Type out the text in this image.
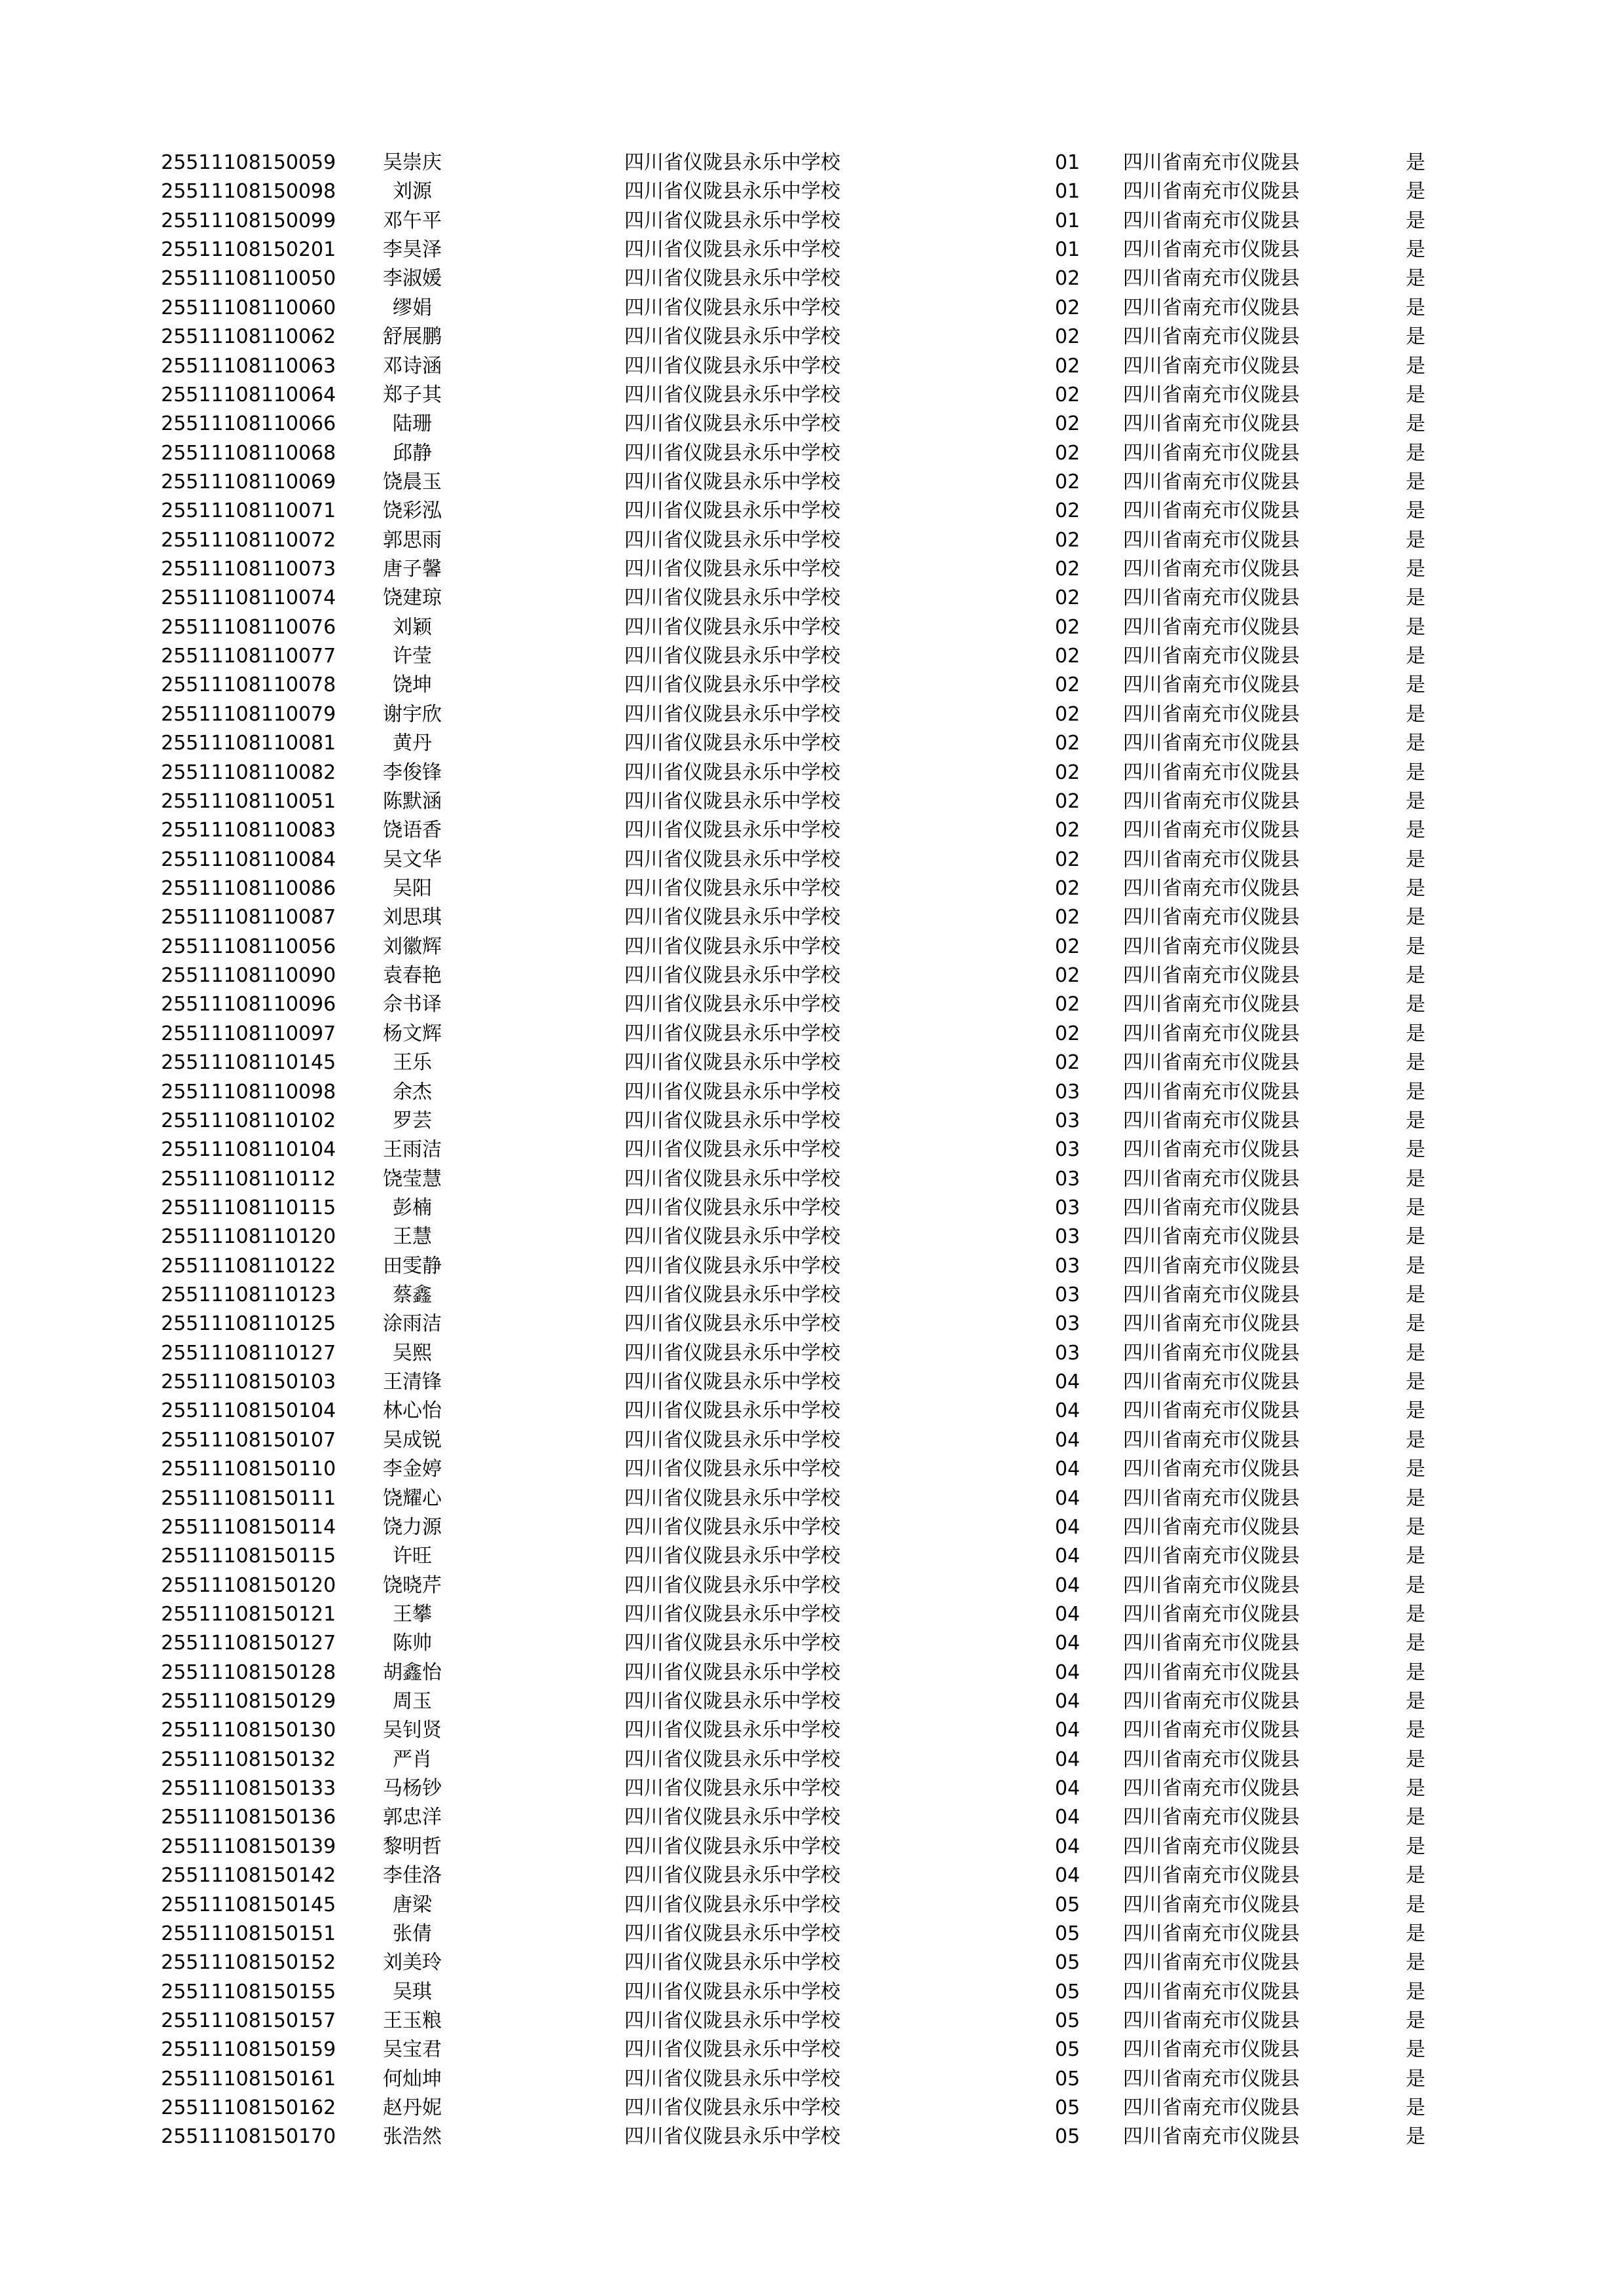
25511108150059 吴崇庆	四川省仪陇县永乐中学校	01 四川省南充市仪陇县	是
25511108150098	刘源	四川省仪陇县永乐中学校	01 四川省南充市仪陇县	是
25511108150099 邓午平	四川省仪陇县永乐中学校	01 四川省南充市仪陇县	是
25511108150201 李昊泽	四川省仪陇县永乐中学校	01 四川省南充市仪陇县	是
25511108110050 李淑媛	四川省仪陇县永乐中学校	02 四川省南充市仪陇县	是
25511108110060	缪娟	四川省仪陇县永乐中学校	02 四川省南充市仪陇县	是
25511108110062 舒展鹏	四川省仪陇县永乐中学校	02 四川省南充市仪陇县	是
25511108110063 邓诗涵	四川省仪陇县永乐中学校	02 四川省南充市仪陇县	是
25511108110064 郑子其	四川省仪陇县永乐中学校	02 四川省南充市仪陇县	是
25511108110066	陆珊	四川省仪陇县永乐中学校	02 四川省南充市仪陇县	是
25511108110068	邱静	四川省仪陇县永乐中学校	02 四川省南充市仪陇县	是
25511108110069 饶晨玉	四川省仪陇县永乐中学校	02 四川省南充市仪陇县	是
25511108110071 饶彩泓	四川省仪陇县永乐中学校	02 四川省南充市仪陇县	是
25511108110072 郭思雨	四川省仪陇县永乐中学校	02 四川省南充市仪陇县	是
25511108110073 唐子馨	四川省仪陇县永乐中学校	02 四川省南充市仪陇县	是
25511108110074 饶建琼	四川省仪陇县永乐中学校	02 四川省南充市仪陇县	是
25511108110076	刘颖	四川省仪陇县永乐中学校	02 四川省南充市仪陇县	是
25511108110077	许莹	四川省仪陇县永乐中学校	02 四川省南充市仪陇县	是
25511108110078	饶坤	四川省仪陇县永乐中学校	02 四川省南充市仪陇县	是
25511108110079 谢宇欣	四川省仪陇县永乐中学校	02 四川省南充市仪陇县	是
25511108110081	黄丹	四川省仪陇县永乐中学校	02 四川省南充市仪陇县	是
25511108110082 李俊锋	四川省仪陇县永乐中学校	02 四川省南充市仪陇县	是
25511108110051 陈默涵	四川省仪陇县永乐中学校	02 四川省南充市仪陇县	是
25511108110083 饶语香	四川省仪陇县永乐中学校	02 四川省南充市仪陇县	是
25511108110084 吴文华	四川省仪陇县永乐中学校	02 四川省南充市仪陇县	是
25511108110086	吴阳	四川省仪陇县永乐中学校	02 四川省南充市仪陇县	是
25511108110087 刘思琪	四川省仪陇县永乐中学校	02 四川省南充市仪陇县	是
25511108110056 刘徽辉	四川省仪陇县永乐中学校	02 四川省南充市仪陇县	是
25511108110090 袁春艳	四川省仪陇县永乐中学校	02 四川省南充市仪陇县	是
25511108110096 佘书译	四川省仪陇县永乐中学校	02 四川省南充市仪陇县	是
25511108110097 杨文辉	四川省仪陇县永乐中学校	02 四川省南充市仪陇县	是
25511108110145	王乐	四川省仪陇县永乐中学校	02 四川省南充市仪陇县	是
25511108110098	余杰	四川省仪陇县永乐中学校	03 四川省南充市仪陇县	是
25511108110102	罗芸	四川省仪陇县永乐中学校	03 四川省南充市仪陇县	是
25511108110104 王雨洁	四川省仪陇县永乐中学校	03 四川省南充市仪陇县	是
25511108110112 饶莹慧	四川省仪陇县永乐中学校	03 四川省南充市仪陇县	是
25511108110115	彭楠	四川省仪陇县永乐中学校	03 四川省南充市仪陇县	是
25511108110120	王慧	四川省仪陇县永乐中学校	03 四川省南充市仪陇县	是
25511108110122 田雯静	四川省仪陇县永乐中学校	03 四川省南充市仪陇县	是
25511108110123	蔡鑫	四川省仪陇县永乐中学校	03 四川省南充市仪陇县	是
25511108110125 涂雨洁	四川省仪陇县永乐中学校	03 四川省南充市仪陇县	是
25511108110127	吴熙	四川省仪陇县永乐中学校	03 四川省南充市仪陇县	是
25511108150103 王清锋	四川省仪陇县永乐中学校	04 四川省南充市仪陇县	是
25511108150104 林心怡	四川省仪陇县永乐中学校	04 四川省南充市仪陇县	是
25511108150107 吴成锐	四川省仪陇县永乐中学校	04 四川省南充市仪陇县	是
25511108150110 李金婷	四川省仪陇县永乐中学校	04 四川省南充市仪陇县	是
25511108150111 饶耀心	四川省仪陇县永乐中学校	04 四川省南充市仪陇县	是
25511108150114 饶力源	四川省仪陇县永乐中学校	04 四川省南充市仪陇县	是
25511108150115	许旺	四川省仪陇县永乐中学校	04 四川省南充市仪陇县	是
25511108150120 饶晓芹	四川省仪陇县永乐中学校	04 四川省南充市仪陇县	是
25511108150121	王攀	四川省仪陇县永乐中学校	04 四川省南充市仪陇县	是
25511108150127	陈帅	四川省仪陇县永乐中学校	04 四川省南充市仪陇县	是
25511108150128 胡鑫怡	四川省仪陇县永乐中学校	04 四川省南充市仪陇县	是
25511108150129	周玉	四川省仪陇县永乐中学校	04 四川省南充市仪陇县	是
25511108150130 吴钊贤	四川省仪陇县永乐中学校	04 四川省南充市仪陇县	是
25511108150132	严肖	四川省仪陇县永乐中学校	04 四川省南充市仪陇县	是
25511108150133 马杨钞	四川省仪陇县永乐中学校	04 四川省南充市仪陇县	是
25511108150136 郭忠洋	四川省仪陇县永乐中学校	04 四川省南充市仪陇县	是
25511108150139 黎明哲	四川省仪陇县永乐中学校	04 四川省南充市仪陇县	是
25511108150142 李佳洛	四川省仪陇县永乐中学校	04 四川省南充市仪陇县	是
25511108150145	唐梁	四川省仪陇县永乐中学校	05 四川省南充市仪陇县	是
25511108150151	张倩	四川省仪陇县永乐中学校	05 四川省南充市仪陇县	是
25511108150152 刘美玲	四川省仪陇县永乐中学校	05 四川省南充市仪陇县	是
25511108150155	吴琪	四川省仪陇县永乐中学校	05 四川省南充市仪陇县	是
25511108150157 王玉粮	四川省仪陇县永乐中学校	05 四川省南充市仪陇县	是
25511108150159 吴宝君	四川省仪陇县永乐中学校	05 四川省南充市仪陇县	是
25511108150161 何灿坤	四川省仪陇县永乐中学校	05 四川省南充市仪陇县	是
25511108150162 赵丹妮	四川省仪陇县永乐中学校	05 四川省南充市仪陇县	是
25511108150170 张浩然	四川省仪陇县永乐中学校	05 四川省南充市仪陇县	是
